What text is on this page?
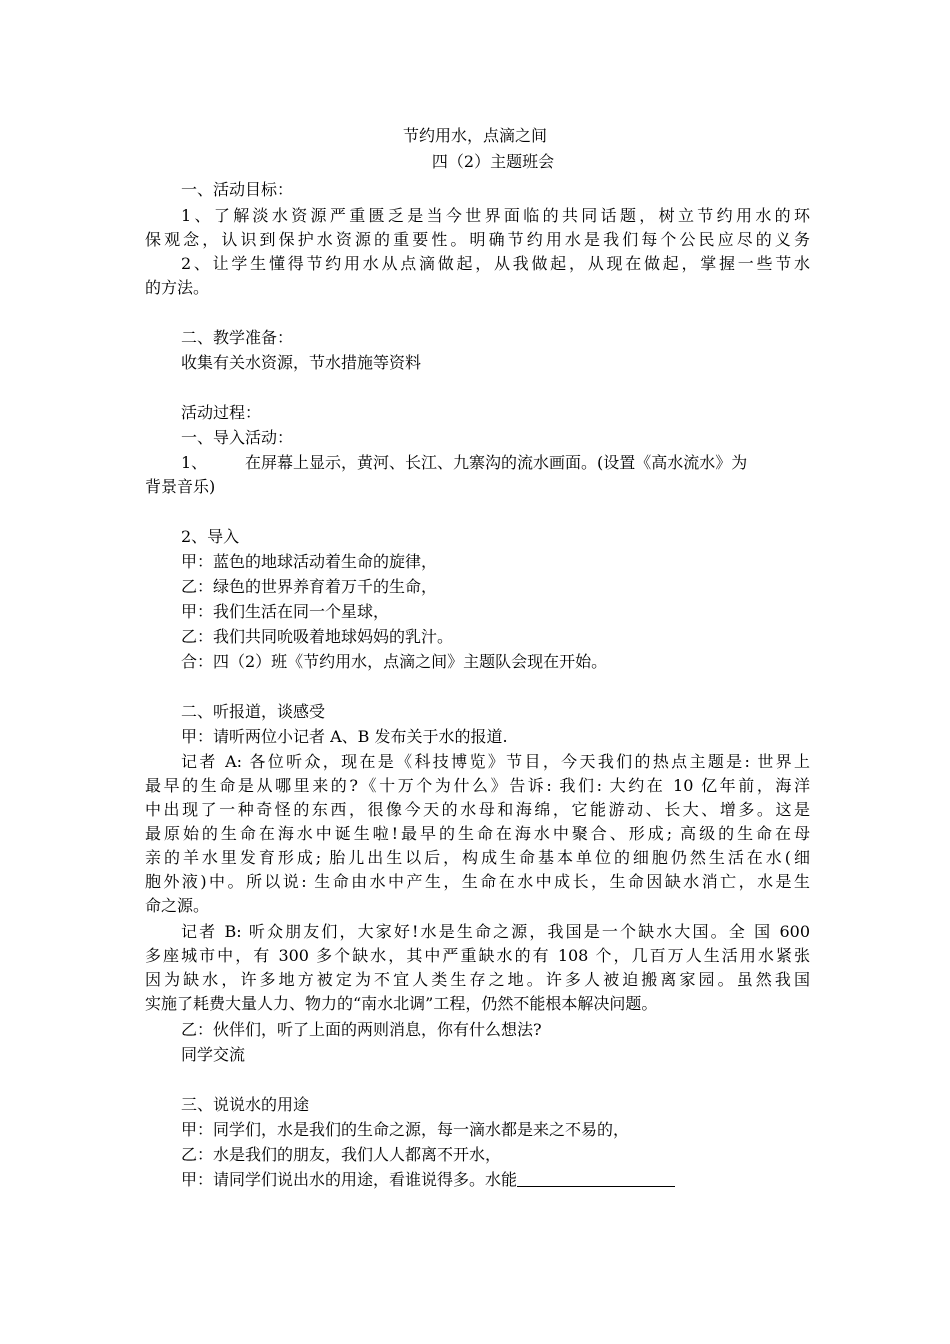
节约用水，点滴之间
四（2）主题班会
一、活动目标：
1、了解淡水资源严重匮乏是当今世界面临的共同话题，树立节约用水的环
保观念，认识到保护水资源的重要性。明确节约用水是我们每个公民应尽的义务
2、让学生懂得节约用水从点滴做起，从我做起，从现在做起，掌握一些节水
的方法。
二、教学准备：
收集有关水资源，节水措施等资料
活动过程：
一、导入活动：
1、 在屏幕上显示，黄河、长江、九寨沟的流水画面。(设置《高水流水》为
背景音乐)
2、导入
甲：蓝色的地球活动着生命的旋律，
乙：绿色的世界养育着万千的生命，
甲：我们生活在同一个星球，
乙：我们共同吮吸着地球妈妈的乳汁。
合：四（2）班《节约用水，点滴之间》主题队会现在开始。
二、听报道，谈感受
甲：请听两位小记者 A、B 发布关于水的报道.
记者 A: 各位听众，现在是《科技博览》节目，今天我们的热点主题是: 世界上
最早的生命是从哪里来的?《十万个为什么》告诉: 我们: 大约在 10 亿年前，海洋
中出现了一种奇怪的东西，很像今天的水母和海绵，它能游动、长大、增多。这是
最原始的生命在海水中诞生啦!最早的生命在海水中聚合、形成; 高级的生命在母
亲的羊水里发育形成; 胎儿出生以后，构成生命基本单位的细胞仍然生活在水(细
胞外液)中。所以说: 生命由水中产生，生命在水中成长，生命因缺水消亡，水是生
命之源。
记者 B: 听众朋友们，大家好!水是生命之源，我国是一个缺水大国。全 国 600
多座城市中，有 300 多个缺水，其中严重缺水的有 108 个，几百万人生活用水紧张
因为缺水，许多地方被定为不宜人类生存之地。许多人被迫搬离家园。虽然我国
实施了耗费大量人力、物力的“南水北调”工程，仍然不能根本解决问题。
乙：伙伴们，听了上面的两则消息，你有什么想法?
同学交流
三、说说水的用途
甲：同学们，水是我们的生命之源，每一滴水都是来之不易的，
乙：水是我们的朋友，我们人人都离不开水，
甲：请同学们说出水的用途，看谁说得多。水能
